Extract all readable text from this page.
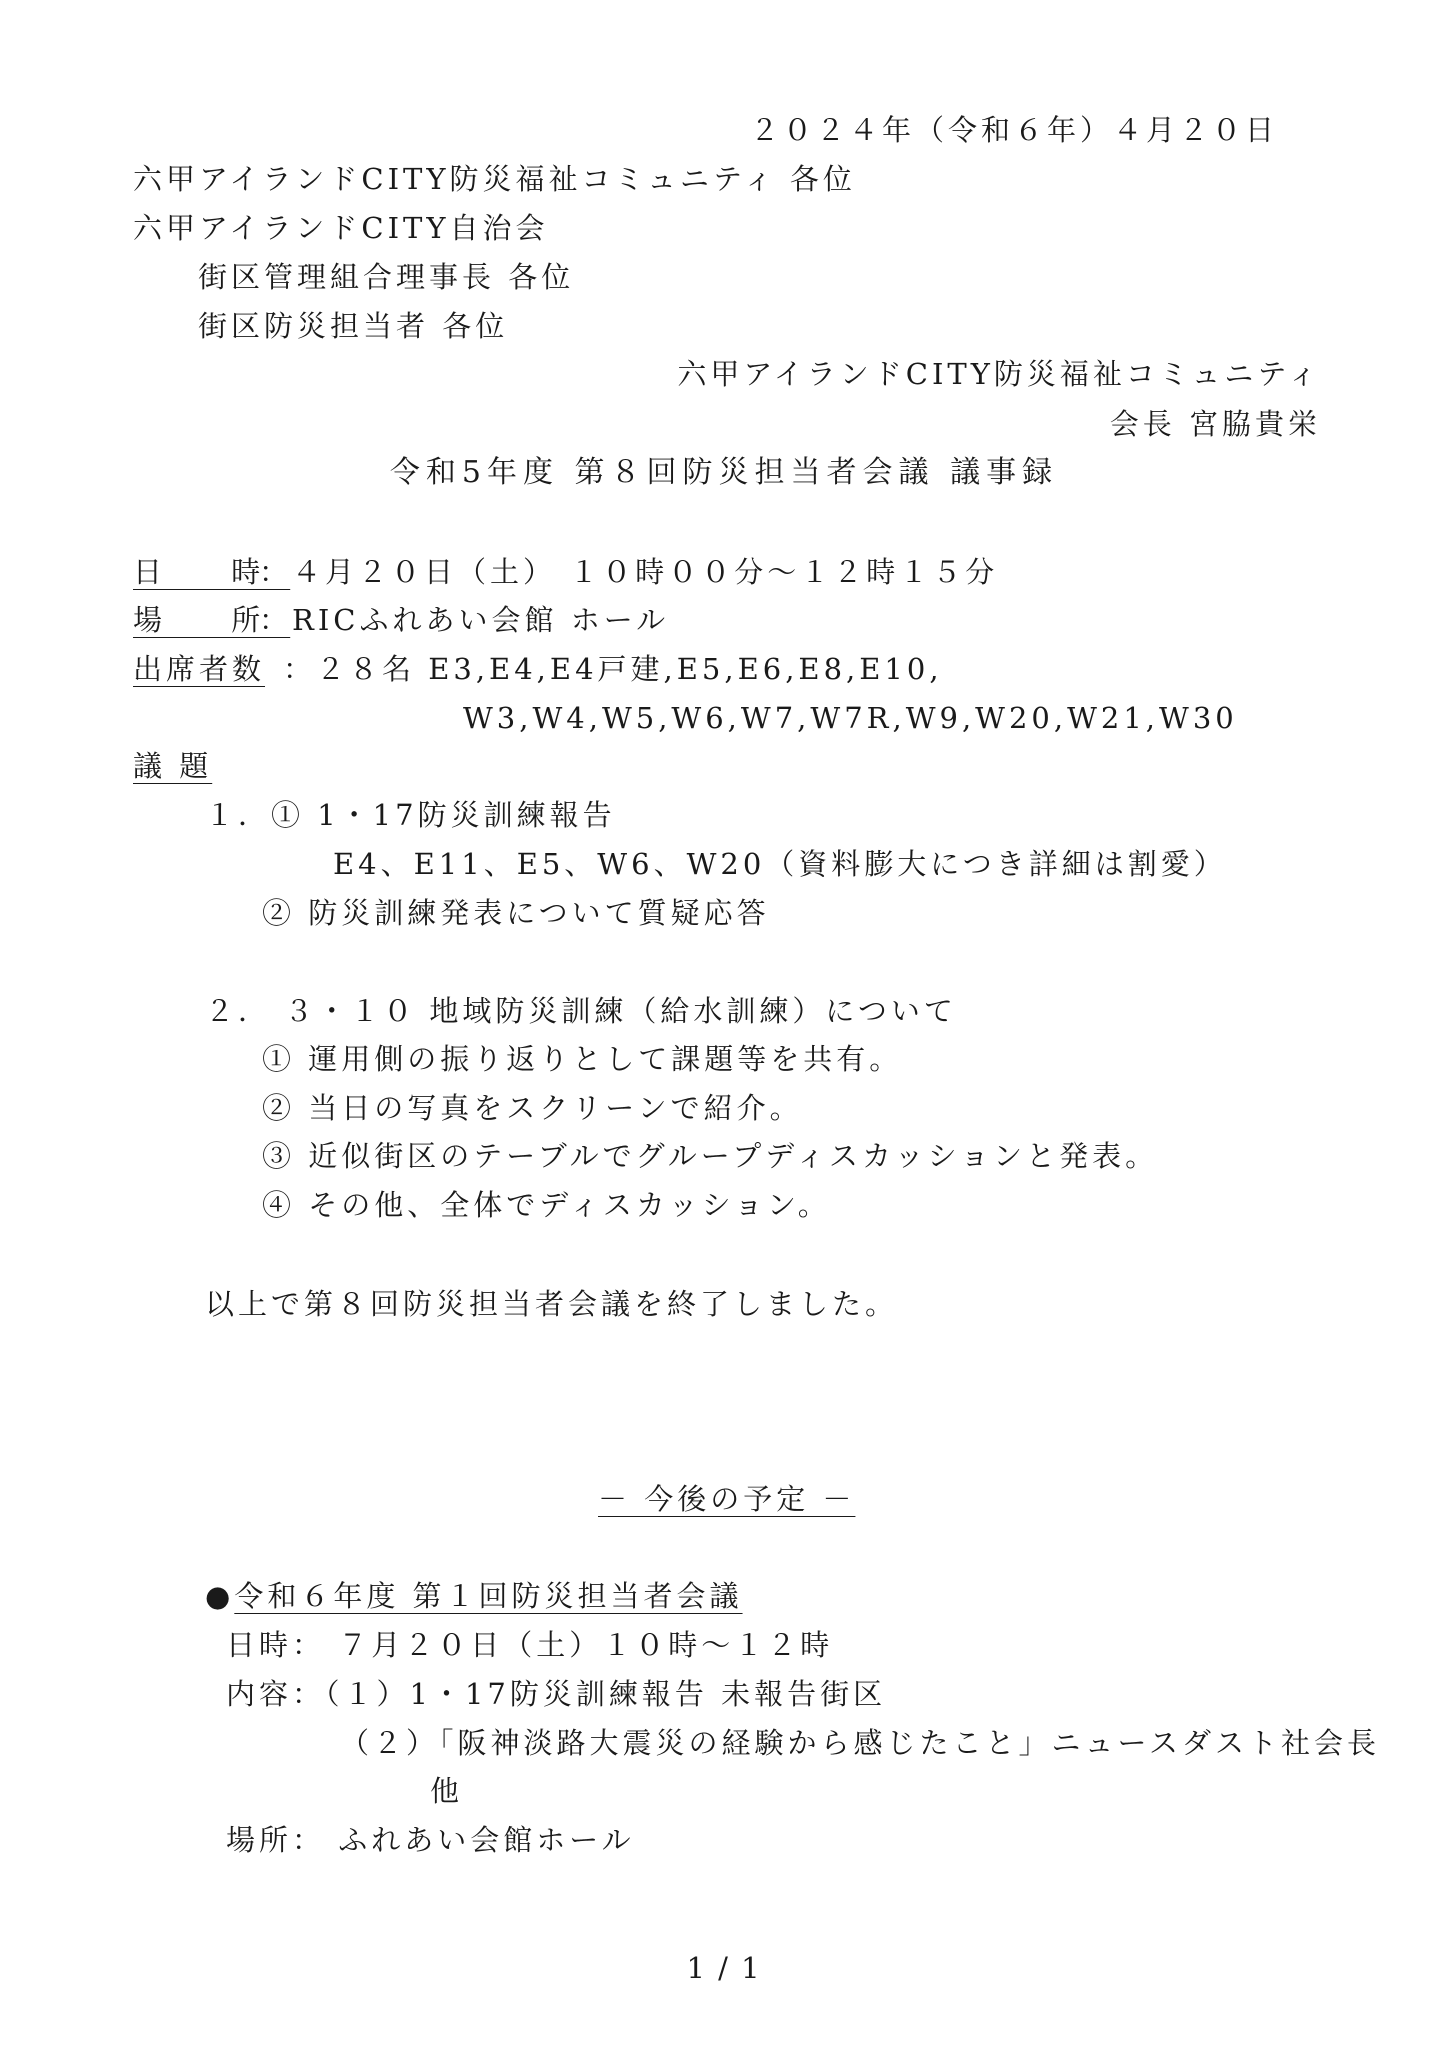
２０２４年（令和６年）４月２０日
六甲アイランドCITY防災福祉コミュニティ 各位
六甲アイランドCITY自治会
街区管理組合理事長 各位
街区防災担当者 各位
六甲アイランドCITY防災福祉コミュニティ
会長 宮脇貴栄
令和5年度 第８回防災担当者会議 議事録
日 時：４月２０日（土） １０時００分～１２時１５分
場 所：RICふれあい会館 ホール
出席者数 ：２８名 E3,E4,E4戸建,E5,E6,E8,E10,
W3,W4,W5,W6,W7,W7R,W9,W20,W21,W30
議 題
１．① 1・17防災訓練報告
E4、E11、E5、W6、W20（資料膨大につき詳細は割愛）
② 防災訓練発表について質疑応答
２． ３・１０ 地域防災訓練（給水訓練）について
① 運用側の振り返りとして課題等を共有。
② 当日の写真をスクリーンで紹介。
③ 近似街区のテーブルでグループディスカッションと発表。
④ その他、全体でディスカッション。
以上で第８回防災担当者会議を終了しました。
－ 今後の予定 －
●令和６年度 第１回防災担当者会議
日時： ７月２０日（土）１０時～１２時
内容：（１）1・17防災訓練報告 未報告街区
（２）「阪神淡路大震災の経験から感じたこと」ニュースダスト社会長
他
場所： ふれあい会館ホール
1 / 1
